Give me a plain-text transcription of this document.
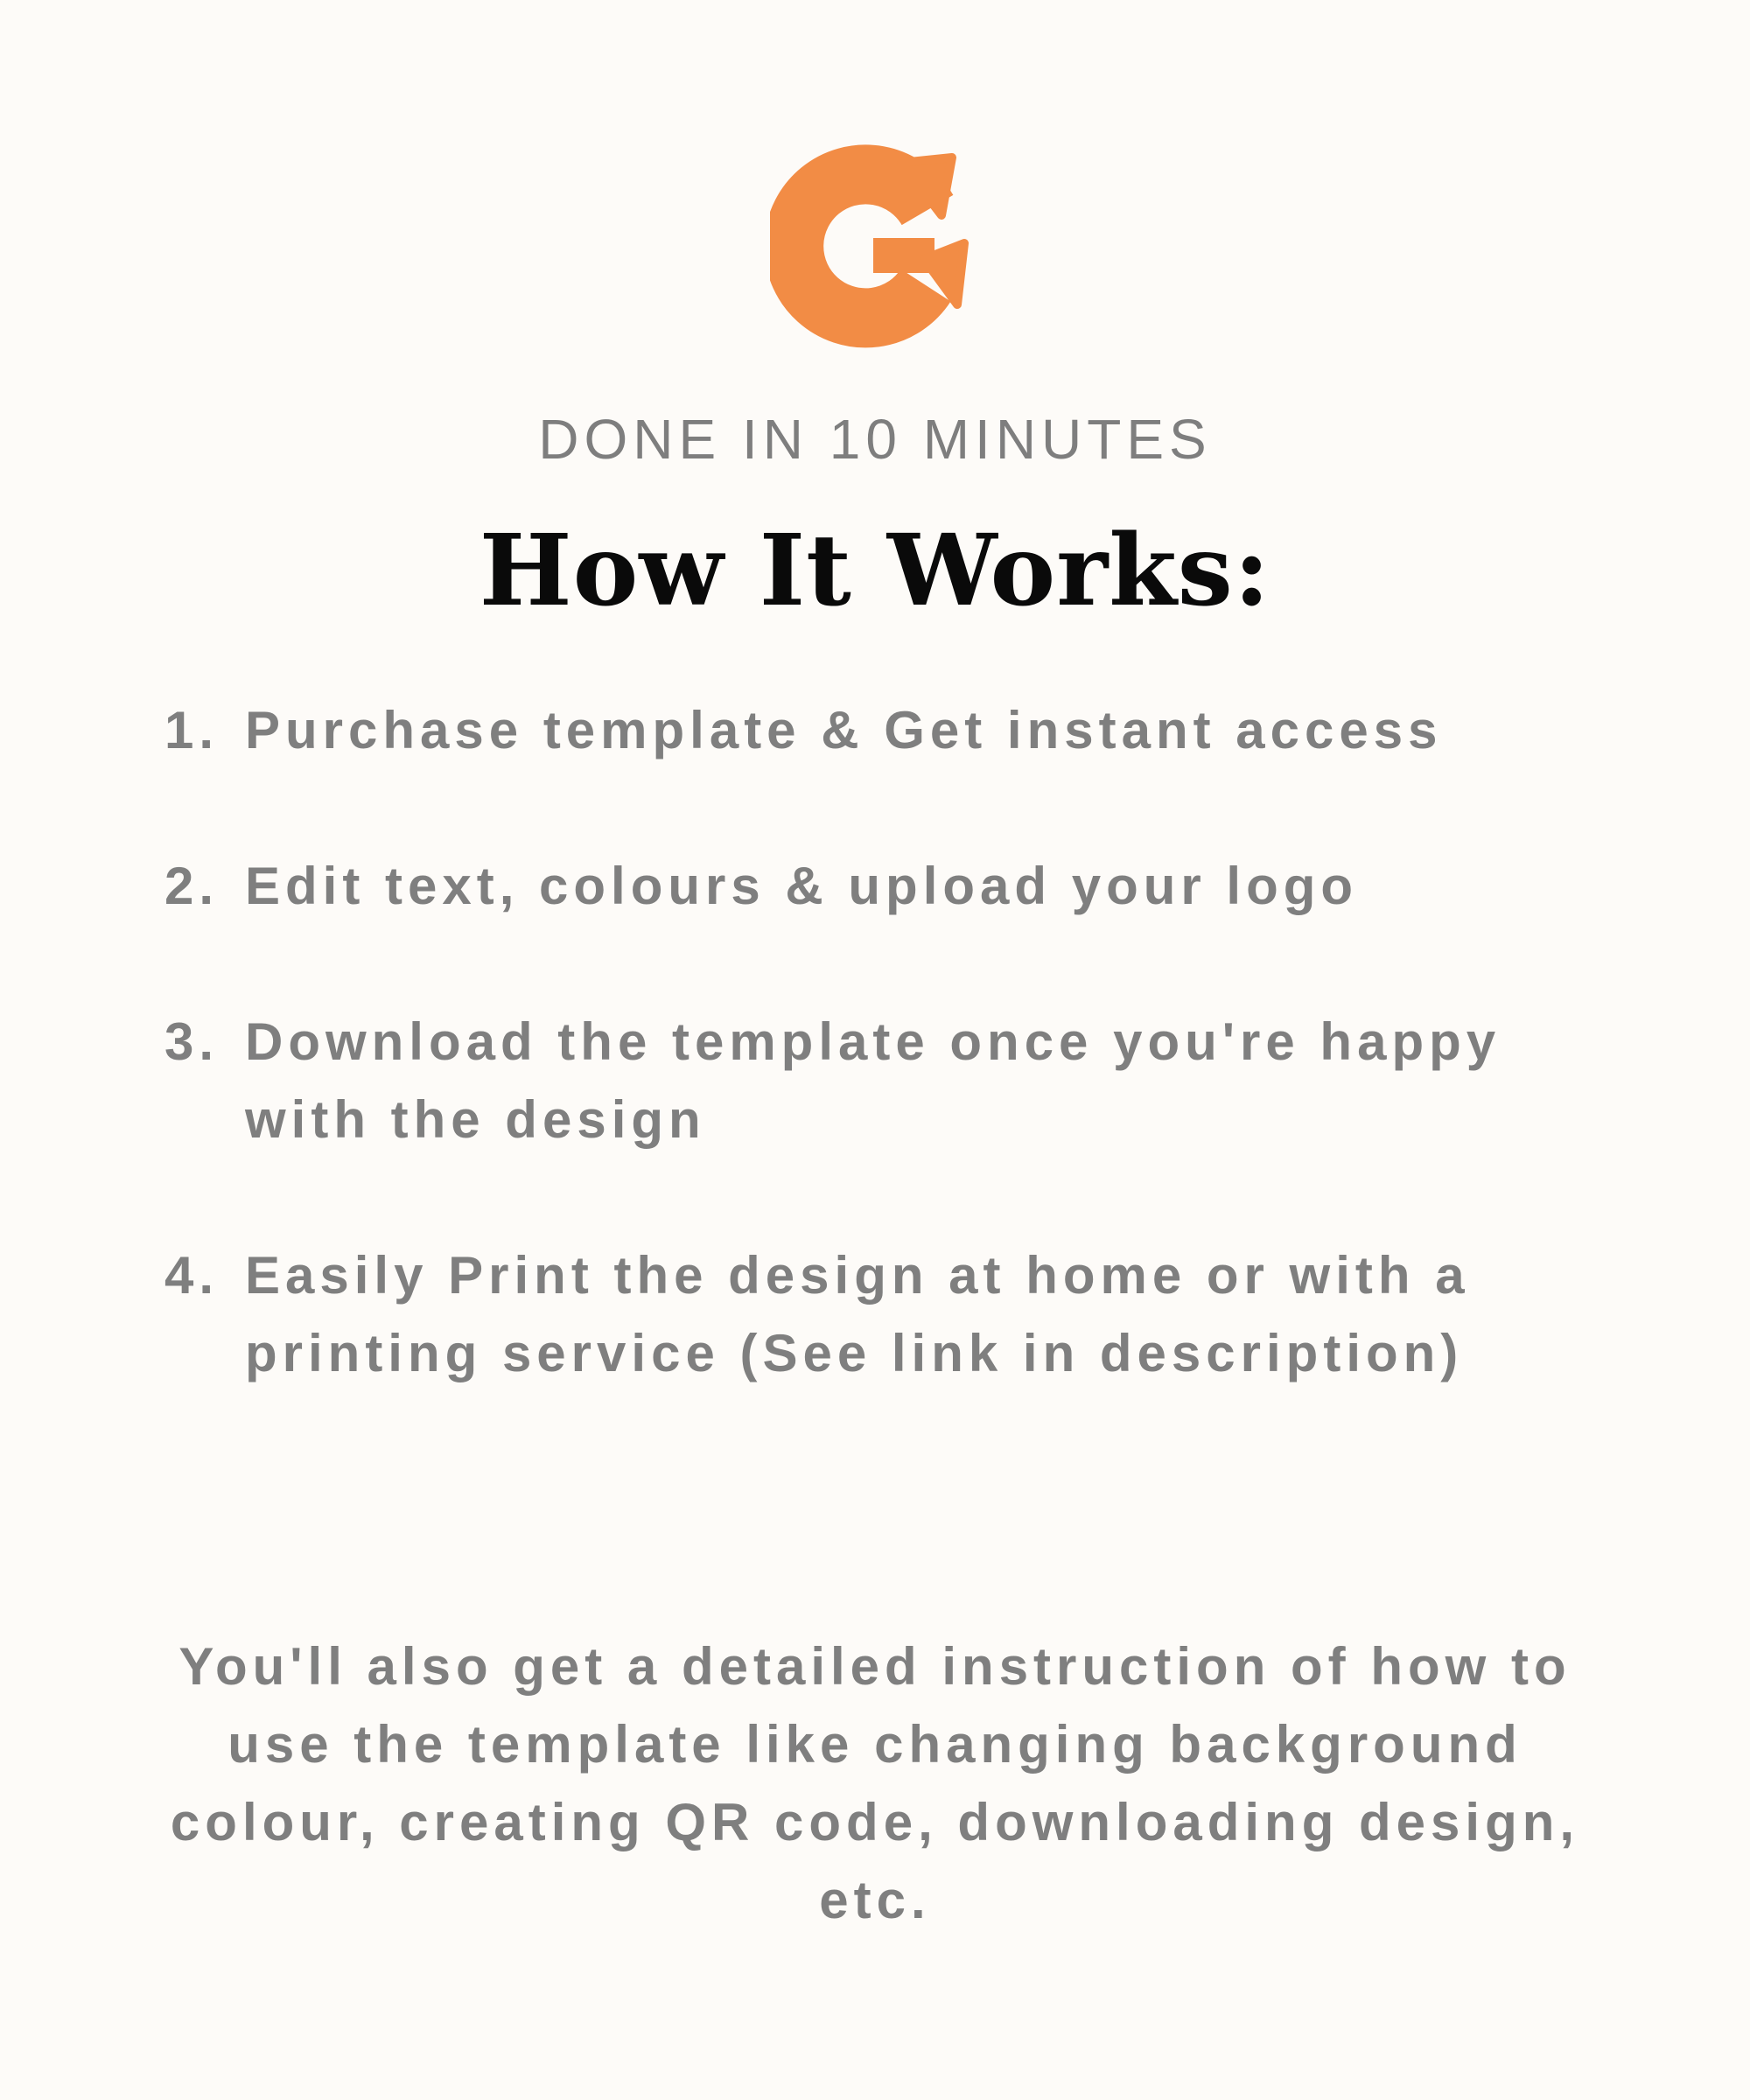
DONE IN 10 MINUTES
How It Works:
1. Purchase template & Get instant access
2. Edit text, colours & upload your logo
3. Download the template once you're happy with the design
4. Easily Print the design at home or with a printing service (See link in description)

You'll also get a detailed instruction of how to use the template like changing background colour, creating QR code, downloading design, etc.
